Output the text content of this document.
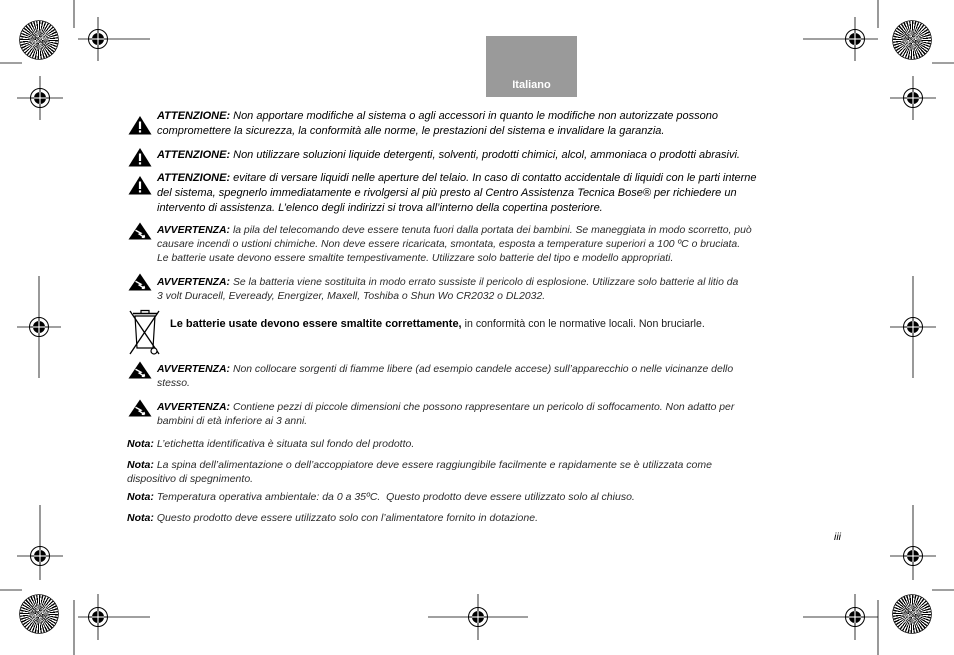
Italiano
ATTENZIONE: Non apportare modifiche al sistema o agli accessori in quanto le modifiche non autorizzate possono
compromettere la sicurezza, la conformità alle norme, le prestazioni del sistema e invalidare la garanzia.
ATTENZIONE: Non utilizzare soluzioni liquide detergenti, solventi, prodotti chimici, alcol, ammoniaca o prodotti abrasivi.
ATTENZIONE: evitare di versare liquidi nelle aperture del telaio. In caso di contatto accidentale di liquidi con le parti interne
del sistema, spegnerlo immediatamente e rivolgersi al più presto al Centro Assistenza Tecnica Bose® per richiedere un
intervento di assistenza. L’elenco degli indirizzi si trova all’interno della copertina posteriore.
AVVERTENZA: la pila del telecomando deve essere tenuta fuori dalla portata dei bambini. Se maneggiata in modo scorretto, può
causare incendi o ustioni chimiche. Non deve essere ricaricata, smontata, esposta a temperature superiori a 100 ºC o bruciata.
Le batterie usate devono essere smaltite tempestivamente. Utilizzare solo batterie del tipo e modello appropriati.
AVVERTENZA: Se la batteria viene sostituita in modo errato sussiste il pericolo di esplosione. Utilizzare solo batterie al litio da
3 volt Duracell, Eveready, Energizer, Maxell, Toshiba o Shun Wo CR2032 o DL2032.
Le batterie usate devono essere smaltite correttamente, in conformità con le normative locali. Non bruciarle.
AVVERTENZA: Non collocare sorgenti di fiamme libere (ad esempio candele accese) sull’apparecchio o nelle vicinanze dello
stesso.
AVVERTENZA: Contiene pezzi di piccole dimensioni che possono rappresentare un pericolo di soffocamento. Non adatto per
bambini di età inferiore ai 3 anni.
Nota: L’etichetta identificativa è situata sul fondo del prodotto.
Nota: La spina dell’alimentazione o dell’accoppiatore deve essere raggiungibile facilmente e rapidamente se è utilizzata come
dispositivo di spegnimento.
Nota: Temperatura operativa ambientale: da 0 a 35ºC.  Questo prodotto deve essere utilizzato solo al chiuso.
Nota: Questo prodotto deve essere utilizzato solo con l’alimentatore fornito in dotazione.
iii
